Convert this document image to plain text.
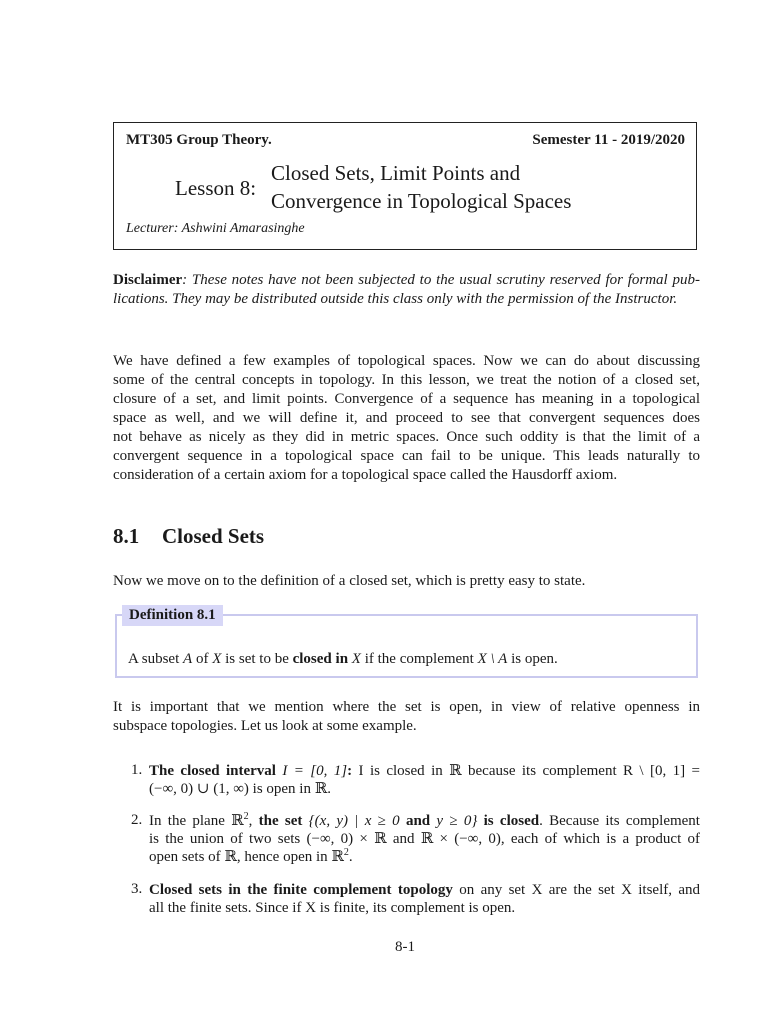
MT305 Group Theory.	Semester 11 - 2019/2020
Lesson 8:
Closed Sets, Limit Points and
Convergence in Topological Spaces
Lecturer: Ashwini Amarasinghe
Disclaimer: These notes have not been subjected to the usual scrutiny reserved for formal pub-
lications. They may be distributed outside this class only with the permission of the Instructor.
We have defined a few examples of topological spaces. Now we can do about discussing
some of the central concepts in topology. In this lesson, we treat the notion of a closed set,
closure of a set, and limit points. Convergence of a sequence has meaning in a topological
space as well, and we will define it, and proceed to see that convergent sequences does
not behave as nicely as they did in metric spaces. Once such oddity is that the limit of a
convergent sequence in a topological space can fail to be unique. This leads naturally to
consideration of a certain axiom for a topological space called the Hausdorff axiom.
8.1 Closed Sets
Now we move on to the definition of a closed set, which is pretty easy to state.
Definition 8.1
A subset A of X is set to be closed in X if the complement X \ A is open.
It is important that we mention where the set is open, in view of relative openness in
subspace topologies. Let us look at some example.
1. The closed interval I = [0, 1]: I is closed in ℝ because its complement R \ [0, 1] =
(−∞, 0) ∪ (1, ∞) is open in ℝ.
2. In the plane ℝ$^2$, the set {(x, y) | x ≥ 0 and y ≥ 0} is closed. Because its complement
is the union of two sets (−∞, 0) × ℝ and ℝ × (−∞, 0), each of which is a product of
open sets of ℝ, hence open in ℝ$^2$.
3. Closed sets in the finite complement topology on any set X are the set X itself, and
all the finite sets. Since if X is finite, its complement is open.
8-1
